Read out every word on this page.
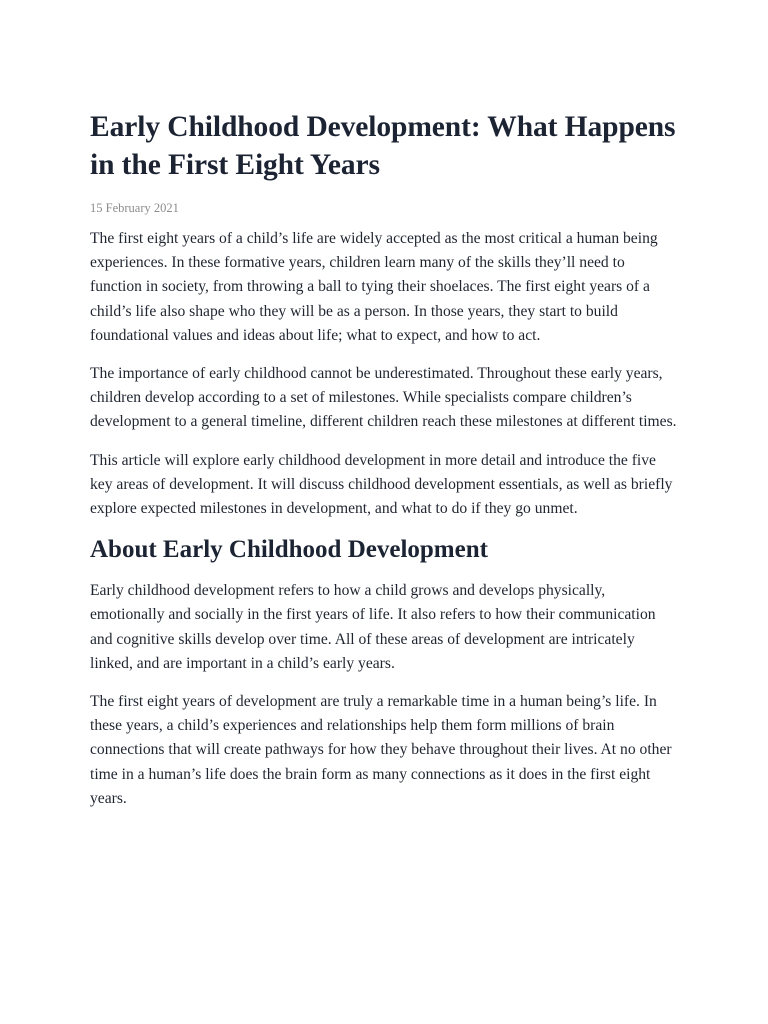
Early Childhood Development: What Happens in the First Eight Years
15 February 2021

The first eight years of a child’s life are widely accepted as the most critical a human being experiences. In these formative years, children learn many of the skills they’ll need to function in society, from throwing a ball to tying their shoelaces. The first eight years of a child’s life also shape who they will be as a person. In those years, they start to build foundational values and ideas about life; what to expect, and how to act.

The importance of early childhood cannot be underestimated. Throughout these early years, children develop according to a set of milestones. While specialists compare children’s development to a general timeline, different children reach these milestones at different times.

This article will explore early childhood development in more detail and introduce the five key areas of development. It will discuss childhood development essentials, as well as briefly explore expected milestones in development, and what to do if they go unmet.

About Early Childhood Development

Early childhood development refers to how a child grows and develops physically, emotionally and socially in the first years of life. It also refers to how their communication and cognitive skills develop over time. All of these areas of development are intricately linked, and are important in a child’s early years.

The first eight years of development are truly a remarkable time in a human being’s life. In these years, a child’s experiences and relationships help them form millions of brain connections that will create pathways for how they behave throughout their lives. At no other time in a human’s life does the brain form as many connections as it does in the first eight years.
